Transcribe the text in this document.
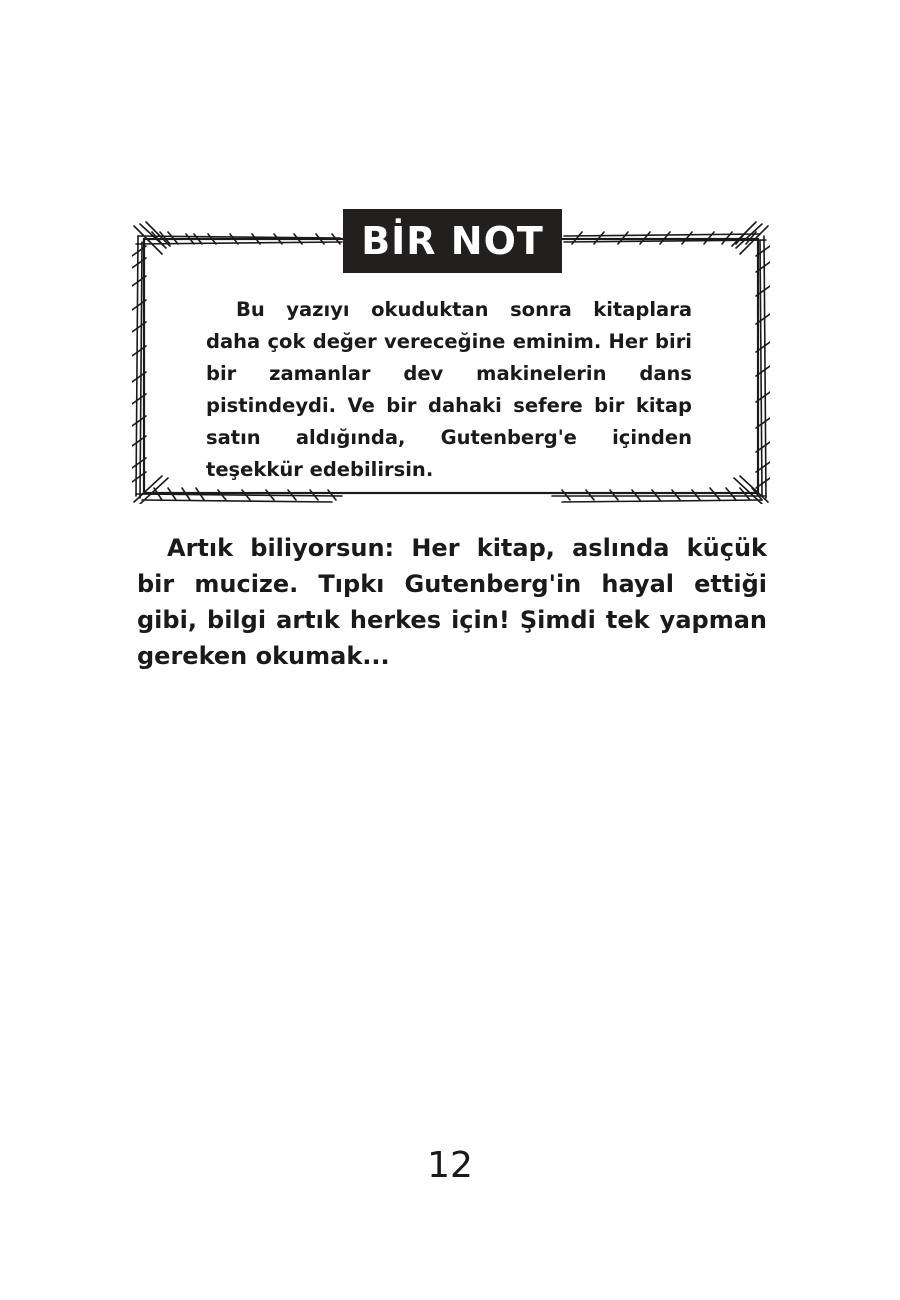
BİR NOT

Bu yazıyı okuduktan sonra kitaplara daha çok değer vereceğine eminim. Her biri bir zamanlar dev makinelerin dans pistindeydi. Ve bir dahaki sefere bir kitap satın aldığında, Gutenberg'e içinden teşekkür edebilirsin.

Artık biliyorsun: Her kitap, aslında küçük bir mucize. Tıpkı Gutenberg'in hayal ettiği gibi, bilgi artık herkes için! Şimdi tek yapman gereken okumak...

12
